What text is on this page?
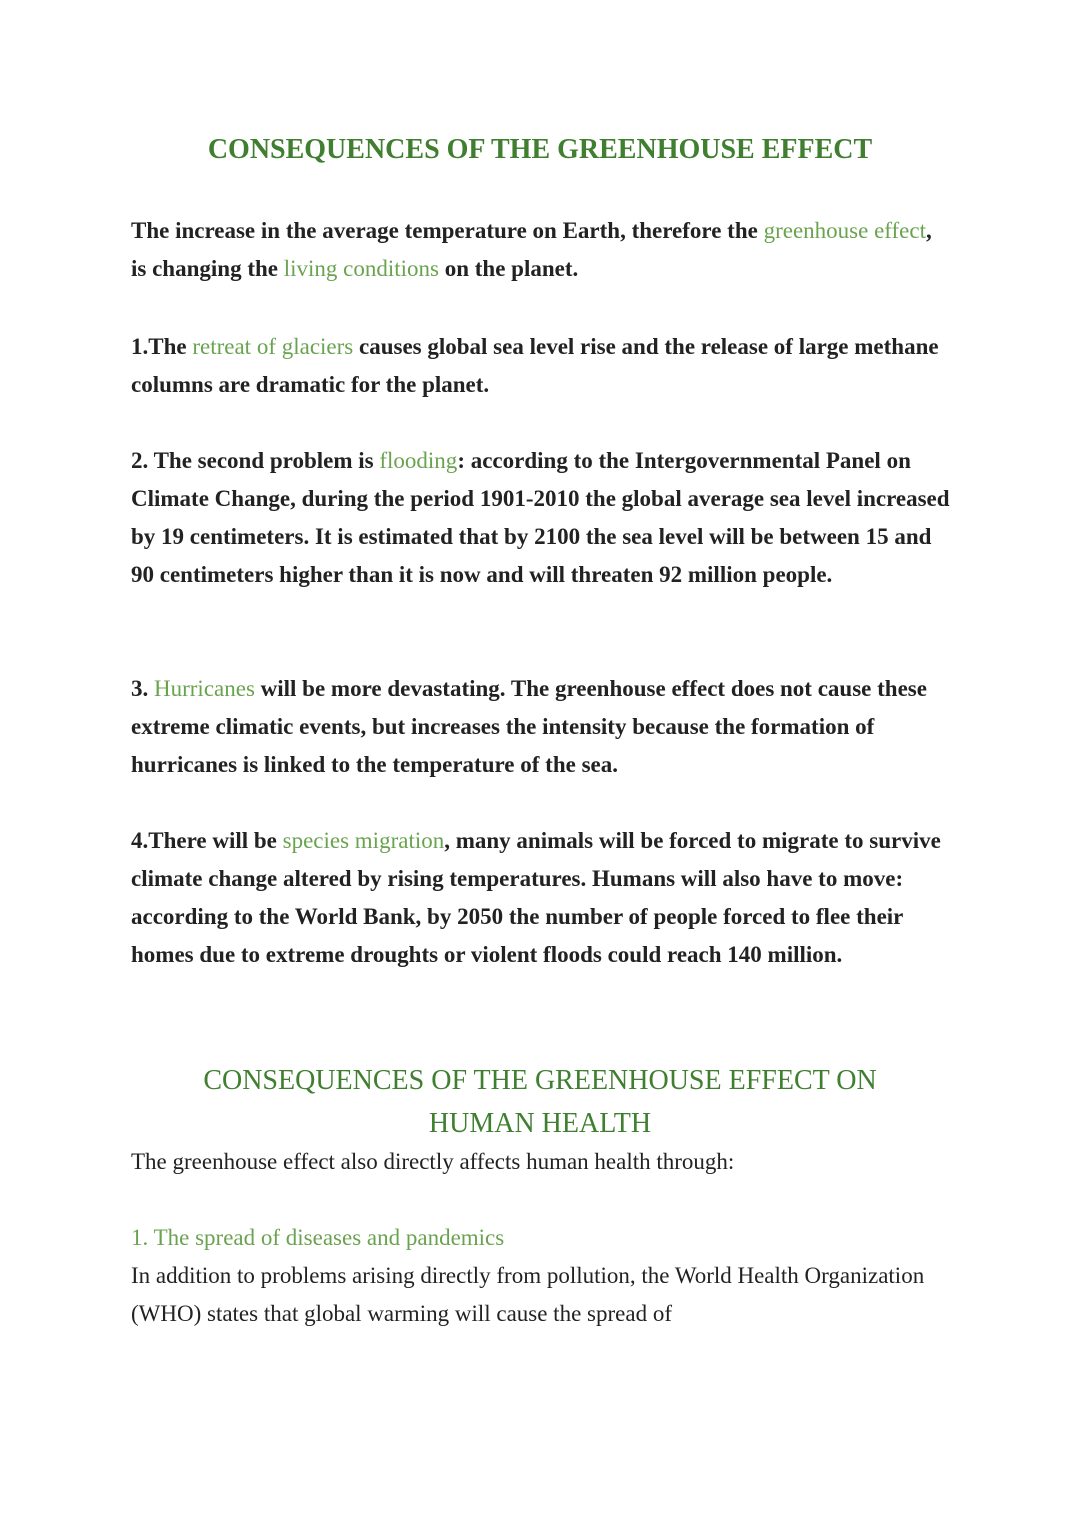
CONSEQUENCES OF THE GREENHOUSE EFFECT

The increase in the average temperature on Earth, therefore the greenhouse effect, is changing the living conditions on the planet.

1.The retreat of glaciers causes global sea level rise and the release of large methane columns are dramatic for the planet.

2. The second problem is flooding: according to the Intergovernmental Panel on Climate Change, during the period 1901-2010 the global average sea level increased by 19 centimeters. It is estimated that by 2100 the sea level will be between 15 and 90 centimeters higher than it is now and will threaten 92 million people.

3. Hurricanes will be more devastating. The greenhouse effect does not cause these extreme climatic events, but increases the intensity because the formation of hurricanes is linked to the temperature of the sea.

4.There will be species migration, many animals will be forced to migrate to survive climate change altered by rising temperatures. Humans will also have to move: according to the World Bank, by 2050 the number of people forced to flee their homes due to extreme droughts or violent floods could reach 140 million.

CONSEQUENCES OF THE GREENHOUSE EFFECT ON
HUMAN HEALTH

The greenhouse effect also directly affects human health through:

1. The spread of diseases and pandemics

In addition to problems arising directly from pollution, the World Health Organization (WHO) states that global warming will cause the spread of
